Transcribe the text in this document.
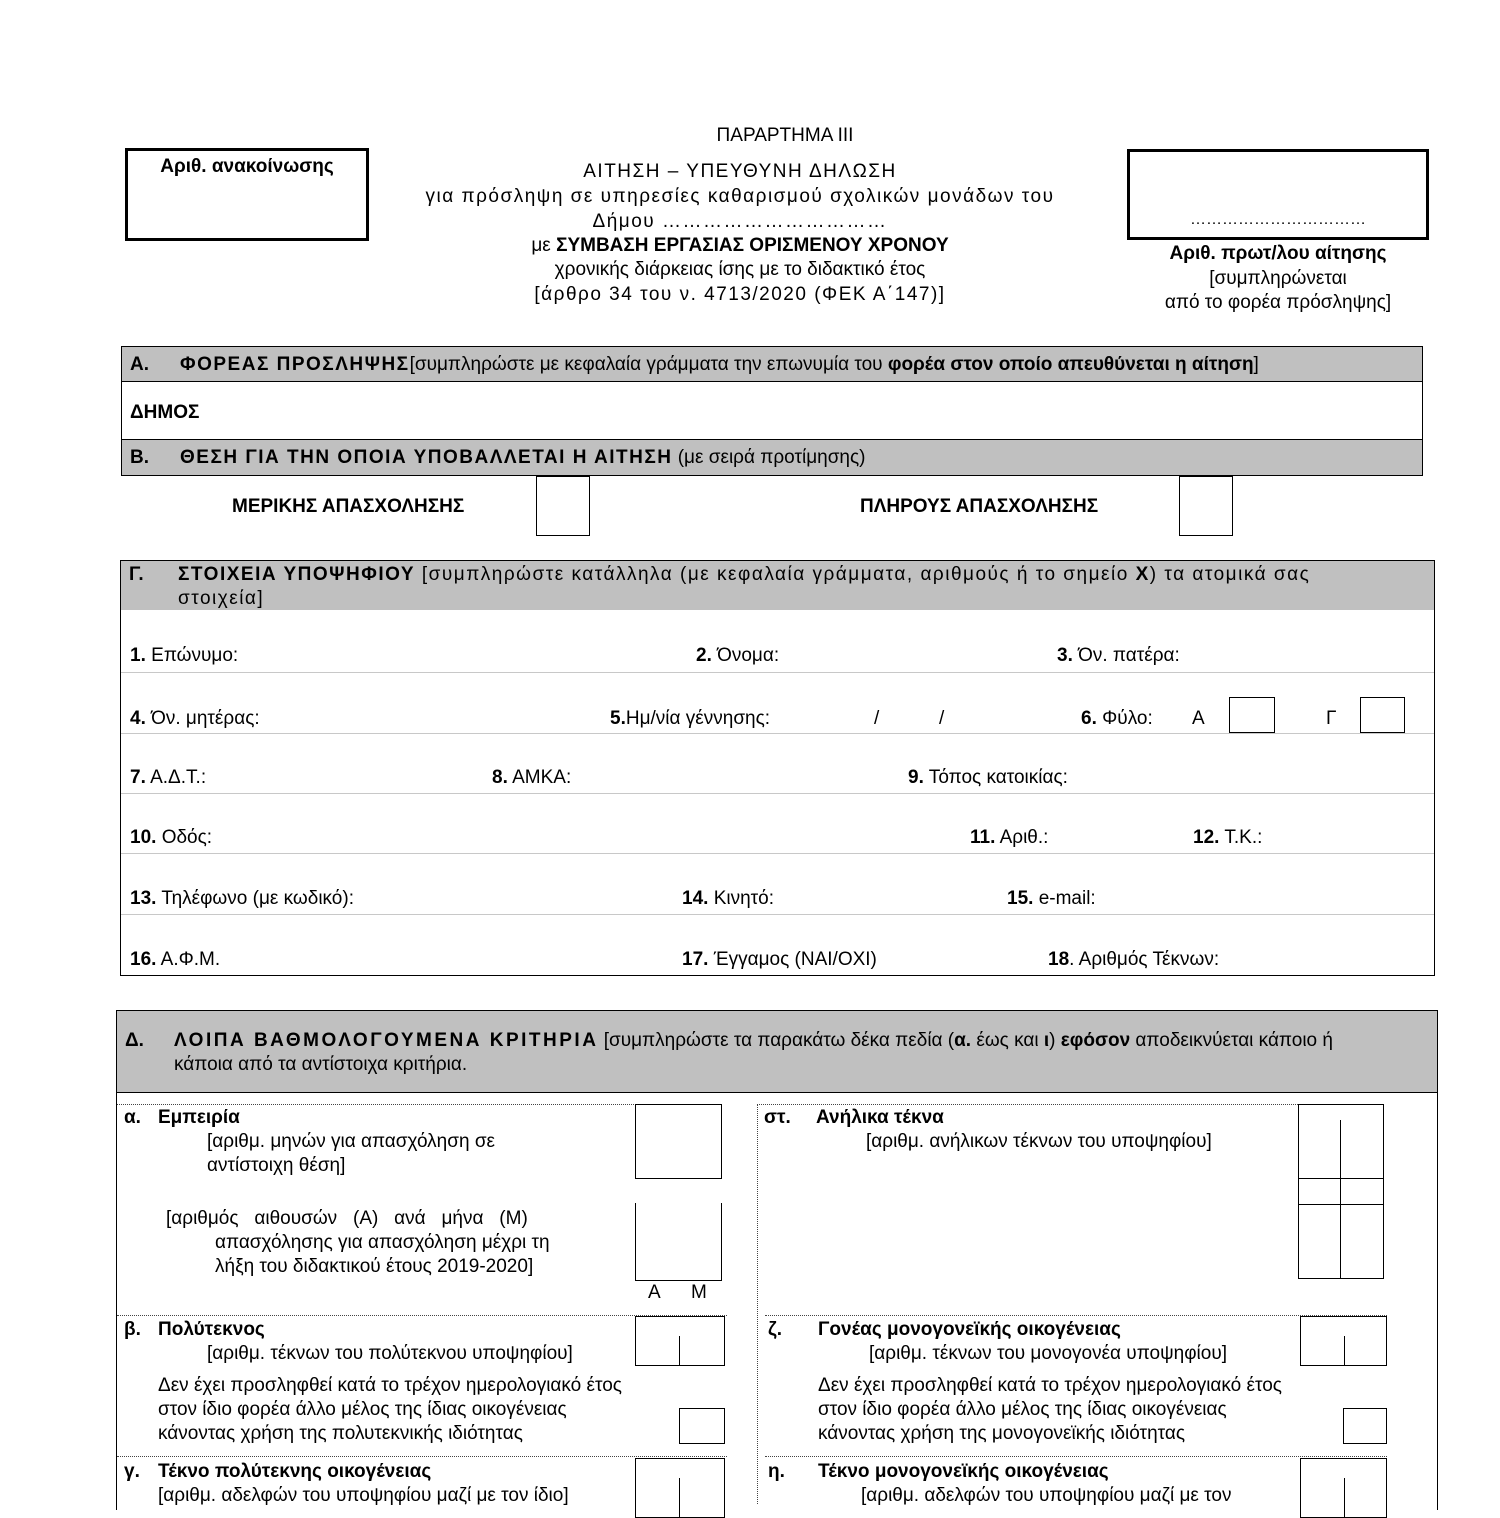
ΠΑΡΑΡΤΗΜΑ ΙΙΙ
Αριθ. ανακοίνωσης	ΑΙΤΗΣΗ – ΥΠΕΥΘΥΝΗ ΔΗΛΩΣΗ
για πρόσληψη σε υπηρεσίες καθαρισμού σχολικών μονάδων του
Δήμου ……………………………
με ΣΥΜΒΑΣΗ ΕΡΓΑΣΙΑΣ ΟΡΙΣΜΕΝΟΥ ΧΡΟΝΟΥ
χρονικής διάρκειας ίσης με το διδακτικό έτος
[άρθρο 34 του ν. 4713/2020 (ΦΕΚ Α΄147)]
……………………………
Αριθ. πρωτ/λου αίτησης
[συμπληρώνεται
από το φορέα πρόσληψης]
Α. ΦΟΡΕΑΣ ΠΡΟΣΛΗΨΗΣ[συμπληρώστε με κεφαλαία γράμματα την επωνυμία του φορέα στον οποίο απευθύνεται η αίτηση]
ΔΗΜΟΣ
Β. ΘΕΣΗ ΓΙΑ ΤΗΝ ΟΠΟΙΑ ΥΠΟΒΑΛΛΕΤΑΙ Η ΑΙΤΗΣΗ (με σειρά προτίμησης)
ΜΕΡΙΚΗΣ ΑΠΑΣΧΟΛΗΣΗΣ	ΠΛΗΡΟΥΣ ΑΠΑΣΧΟΛΗΣΗΣ
Γ. ΣΤΟΙΧΕΙΑ ΥΠΟΨΗΦΙΟΥ [συμπληρώστε κατάλληλα (με κεφαλαία γράμματα, αριθμούς ή το σημείο Χ) τα ατομικά σας
στοιχεία]
1. Επώνυμο:	2. Όνομα:	3. Όν. πατέρα:
4. Όν. μητέρας:	5.Ημ/νία γέννησης:	/	/	6. Φύλο: Α	Γ
7. Α.Δ.Τ.:	8. ΑΜΚΑ:	9. Τόπος κατοικίας:
10. Οδός:	11. Αριθ.:	12. Τ.Κ.:
13. Τηλέφωνο (με κωδικό):	14. Κινητό:	15. e-mail:
16. Α.Φ.Μ.	17. Έγγαμος (ΝΑΙ/ΟΧΙ)	18. Αριθμός Τέκνων:
Δ. ΛΟΙΠΑ ΒΑΘΜΟΛΟΓΟΥΜΕΝΑ ΚΡΙΤΗΡΙΑ [συμπληρώστε τα παρακάτω δέκα πεδία (α. έως και ι) εφόσον αποδεικνύεται κάποιο ή
κάποια από τα αντίστοιχα κριτήρια.
α. Εμπειρία
[αριθμ. μηνών για απασχόληση σε
αντίστοιχη θέση]
[αριθμός   αιθουσών   (Α)   ανά   μήνα   (Μ)
απασχόλησης για απασχόληση μέχρι τη
λήξη του διδακτικού έτους 2019-2020]
Α Μ
στ. Ανήλικα τέκνα
[αριθμ. ανήλικων τέκνων του υποψηφίου]
β. Πολύτεκνος
[αριθμ. τέκνων του πολύτεκνου υποψηφίου]
Δεν έχει προσληφθεί κατά το τρέχον ημερολογιακό έτος
στον ίδιο φορέα άλλο μέλος της ίδιας οικογένειας
κάνοντας χρήση της πολυτεκνικής ιδιότητας
ζ. Γονέας μονογονεϊκής οικογένειας
[αριθμ. τέκνων του μονογονέα υποψηφίου]
Δεν έχει προσληφθεί κατά το τρέχον ημερολογιακό έτος
στον ίδιο φορέα άλλο μέλος της ίδιας οικογένειας
κάνοντας χρήση της μονογονεϊκής ιδιότητας
γ. Τέκνο πολύτεκνης οικογένειας
[αριθμ. αδελφών του υποψηφίου μαζί με τον ίδιο]
η. Τέκνο μονογονεϊκής οικογένειας
[αριθμ. αδελφών του υποψηφίου μαζί με τον
